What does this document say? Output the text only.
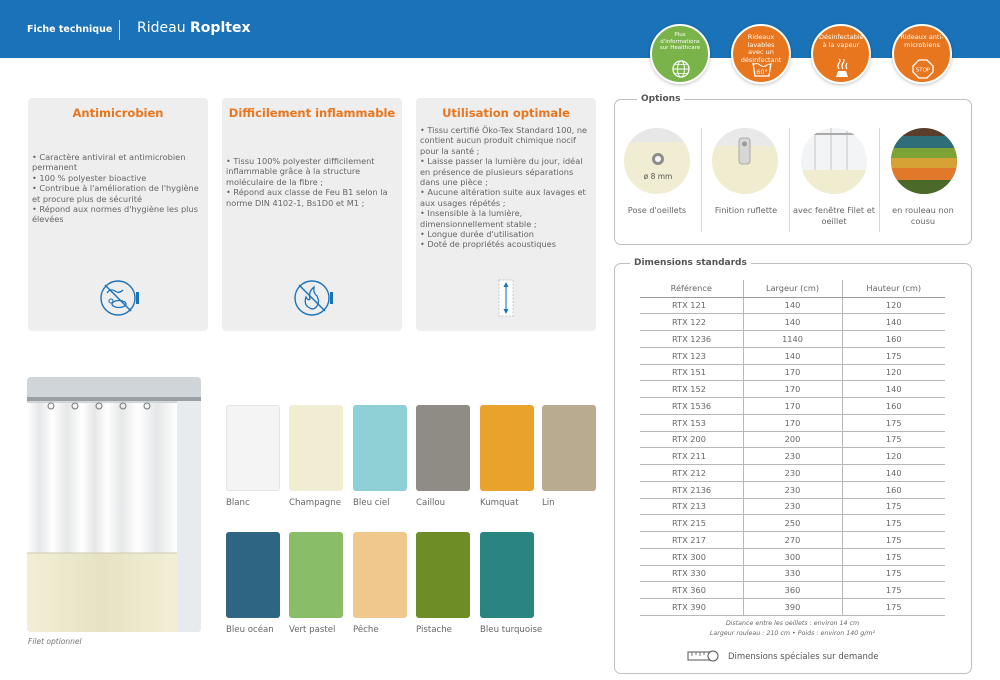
Fiche technique Rideau Ropltex	Plus d'informations sur Healthcare
Rideaux lavables avec un désinfectant
60°
Désinfectable à la vapeur
Rideaux anti-microbiens
STOP
Antimicrobien
• Caractère antiviral et antimicrobien permanent
• 100 % polyester bioactive
• Contribue à l'amélioration de l'hygiène et procure plus de sécurité
• Répond aux normes d'hygiène les plus élevées
Difficilement inflammable
• Tissu 100% polyester difficilement inflammable grâce à la structure moléculaire de la fibre ;
• Répond aux classe de Feu B1 selon la norme DIN 4102-1, Bs1D0 et M1 ;
Utilisation optimale
• Tissu certifié Öko-Tex Standard 100, ne contient aucun produit chimique nocif pour la santé ;
• Laisse passer la lumière du jour, idéal en présence de plusieurs séparations dans une pièce ;
• Aucune altération suite aux lavages et aux usages répétés ;
• Insensible à la lumière, dimensionnellement stable ;
• Longue durée d'utilisation
• Doté de propriétés acoustiques
Filet optionnel
Blanc	Champagne Bleu ciel	Caillou	Kumquat	Lin
Bleu océan Vert pastel Pêche	Pistache	Bleu turquoise
Options
ø 8 mm
Pose d'oeillets	Finition ruflette	avec fenêtre Filet et oeillet
en rouleau non cousu
Dimensions standards
Référence	Largeur (cm)	Hauteur (cm)
RTX 121	140	120
RTX 122	140	140
RTX 1236	1140	160
RTX 123	140	175
RTX 151	170	120
RTX 152	170	140
RTX 1536	170	160
RTX 153	170	175
RTX 200	200	175
RTX 211	230	120
RTX 212	230	140
RTX 2136	230	160
RTX 213	230	175
RTX 215	250	175
RTX 217	270	175
RTX 300	300	175
RTX 330	330	175
RTX 360	360	175
RTX 390	390	175
Distance entre les oeillets : environ 14 cm
Largeur rouleau : 210 cm • Poids : environ 140 g/m²
Dimensions spéciales sur demande
